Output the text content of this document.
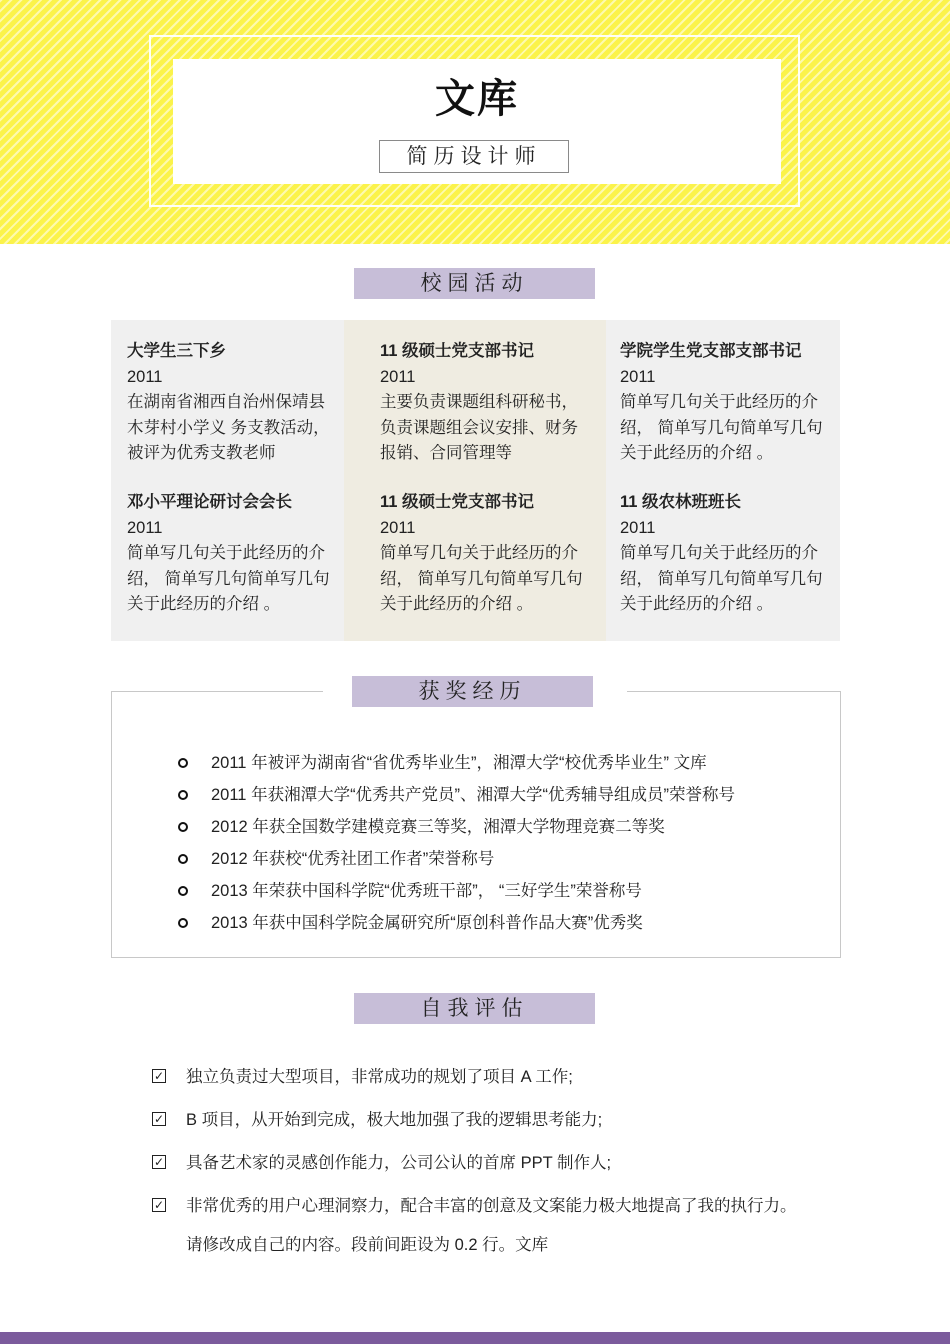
文库
简历设计师
校园活动
大学生三下乡
2011
在湖南省湘西自治州保靖县木芽村小学义 务支教活动，被评为优秀支教老师
邓小平理论研讨会会长
2011
简单写几句关于此经历的介绍， 简单写几句简单写几句关于此经历的介绍 。
11 级硕士党支部书记
2011
主要负责课题组科研秘书，负责课题组会议安排、财务报销、合同管理等
11 级硕士党支部书记
2011
简单写几句关于此经历的介绍， 简单写几句简单写几句关于此经历的介绍 。
学院学生党支部支部书记
2011
简单写几句关于此经历的介绍， 简单写几句简单写几句关于此经历的介绍 。
11 级农林班班长
2011
简单写几句关于此经历的介绍， 简单写几句简单写几句关于此经历的介绍 。
获奖经历
2011 年被评为湖南省“省优秀毕业生”，湘潭大学“校优秀毕业生” 文库
2011 年获湘潭大学“优秀共产党员”、湘潭大学“优秀辅导组成员”荣誉称号
2012 年获全国数学建模竞赛三等奖，湘潭大学物理竞赛二等奖
2012 年获校“优秀社团工作者”荣誉称号
2013 年荣获中国科学院“优秀班干部”， “三好学生”荣誉称号
2013 年获中国科学院金属研究所“原创科普作品大赛”优秀奖
自我评估
✓ 独立负责过大型项目，非常成功的规划了项目 A 工作;
✓ B 项目，从开始到完成，极大地加强了我的逻辑思考能力;
✓ 具备艺术家的灵感创作能力，公司公认的首席 PPT 制作人;
✓ 非常优秀的用户心理洞察力，配合丰富的创意及文案能力极大地提高了我的执行力。
请修改成自己的内容。段前间距设为 0.2 行。文库
